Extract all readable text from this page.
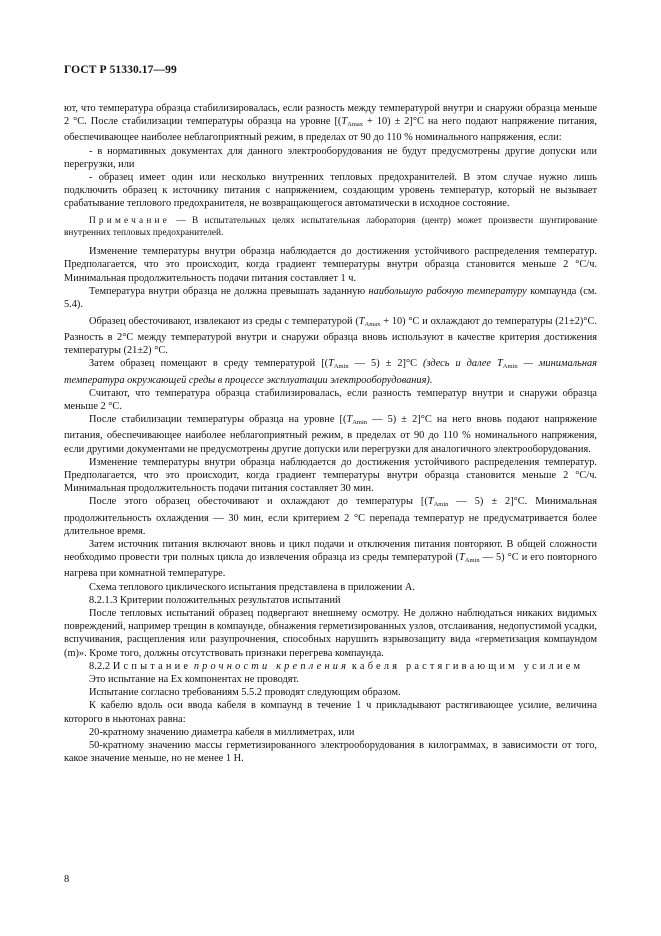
ГОСТ Р 51330.17—99

ют, что температура образца стабилизировалась, если разность между температурой внутри и снаружи образца меньше 2 °С. После стабилизации температуры образца на уровне $[(T_{Amax} + 10) \pm 2]^\circ С$ на него подают напряжение питания, обеспечивающее наиболее неблагоприятный режим, в пределах от 90 до 110 % номинального напряжения, если:

- в нормативных документах для данного электрооборудования не будут предусмотрены другие допуски или перегрузки, или

- образец имеет один или несколько внутренних тепловых предохранителей. В этом случае нужно лишь подключить образец к источнику питания с напряжением, создающим уровень температур, который не вызывает срабатывание теплового предохранителя, не возвращающегося автоматически в исходное состояние.

Примечание — В испытательных целях испытательная лаборатория (центр) может произвести шунтирование внутренних тепловых предохранителей.

Изменение температуры внутри образца наблюдается до достижения устойчивого распределения температур. Предполагается, что это происходит, когда градиент температуры внутри образца становится меньше 2 °С/ч. Минимальная продолжительность подачи питания составляет 1 ч.

Температура внутри образца не должна превышать заданную наибольшую рабочую температуру компаунда (см. 5.4).

Образец обесточивают, извлекают из среды с температурой $(T_{Amax} + 10)$ °С и охлаждают до температуры (21±2)°С. Разность в 2°С между температурой внутри и снаружи образца вновь используют в качестве критерия достижения температуры (21±2) °С.

Затем образец помещают в среду температурой [($T_{Amin}$ — 5) ± 2]°С (здесь и далее $T_{Amin}$ — минимальная температура окружающей среды в процессе эксплуатации электрооборудования).

Считают, что температура образца стабилизировалась, если разность температур внутри и снаружи образца меньше 2 °С.

После стабилизации температуры образца на уровне [($T_{Amin}$ — 5) ± 2]°С на него вновь подают напряжение питания, обеспечивающее наиболее неблагоприятный режим, в пределах от 90 до 110 % номинального напряжения, если другими документами не предусмотрены другие допуски или перегрузки для аналогичного электрооборудования.

Изменение температуры внутри образца наблюдается до достижения устойчивого распределения температур. Предполагается, что это происходит, когда градиент температуры внутри образца становится меньше 2 °С/ч. Минимальная продолжительность подачи питания составляет 30 мин.

После этого образец обесточивают и охлаждают до температуры [($T_{Amin}$ — 5) ± 2]°С. Минимальная продолжительность охлаждения — 30 мин, если критерием 2 °С перепада температур не предусматривается более длительное время.

Затем источник питания включают вновь и цикл подачи и отключения питания повторяют. В общей сложности необходимо провести три полных цикла до извлечения образца из среды температурой ($T_{Amin}$ — 5) °С и его повторного нагрева при комнатной температуре.

Схема теплового циклического испытания представлена в приложении А.

8.2.1.3 Критерии положительных результатов испытаний

После тепловых испытаний образец подвергают внешнему осмотру. Не должно наблюдаться никаких видимых повреждений, например трещин в компаунде, обнажения герметизированных узлов, отслаивания, недопустимой усадки, вспучивания, расщепления или разупрочнения, способных нарушить взрывозащиту вида «герметизация компаундом (m)». Кроме того, должны отсутствовать признаки перегрева компаунда.

8.2.2 Испытание прочности крепления кабеля растягивающим усилием

Это испытание на Ex компонентах не проводят.

Испытание согласно требованиям 5.5.2 проводят следующим образом.

К кабелю вдоль оси ввода кабеля в компаунд в течение 1 ч прикладывают растягивающее усилие, величина которого в ньютонах равна:

20-кратному значению диаметра кабеля в миллиметрах, или

50-кратному значению массы герметизированного электрооборудования в килограммах, в зависимости от того, какое значение меньше, но не менее 1 Н.

8
